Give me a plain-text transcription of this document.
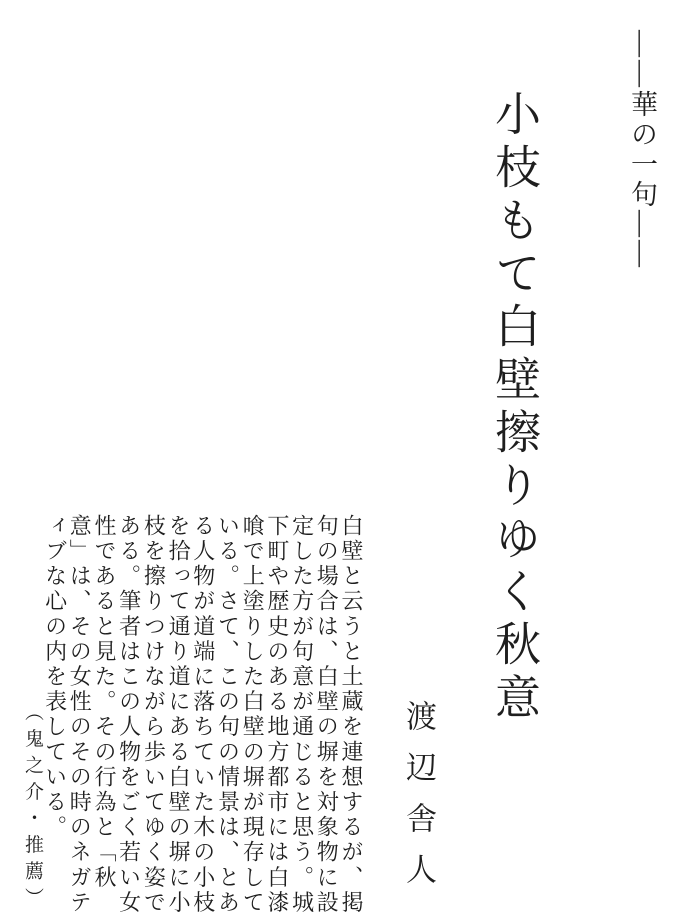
――華の一句――
小枝もて白壁擦りゆく秋意
渡辺舎人
白壁と云うと土蔵を連想するが、掲句の場合は、白壁の塀を対象物に設定した方が句意が通じると思う。城下町や歴史のある地方都市には白漆喰で上塗りした白壁の塀が現存している。さて、この句の情景は、とある人物が道端に落ちていた木の小枝を拾って通り道にある白壁の塀に小枝を擦りつけながら歩いてゆく姿である。筆者はこの人物をごく若い女性であると見た。その行為と「秋意」は、その女性のその時のネガティブな心の内を表している。
（鬼之介・推薦）
